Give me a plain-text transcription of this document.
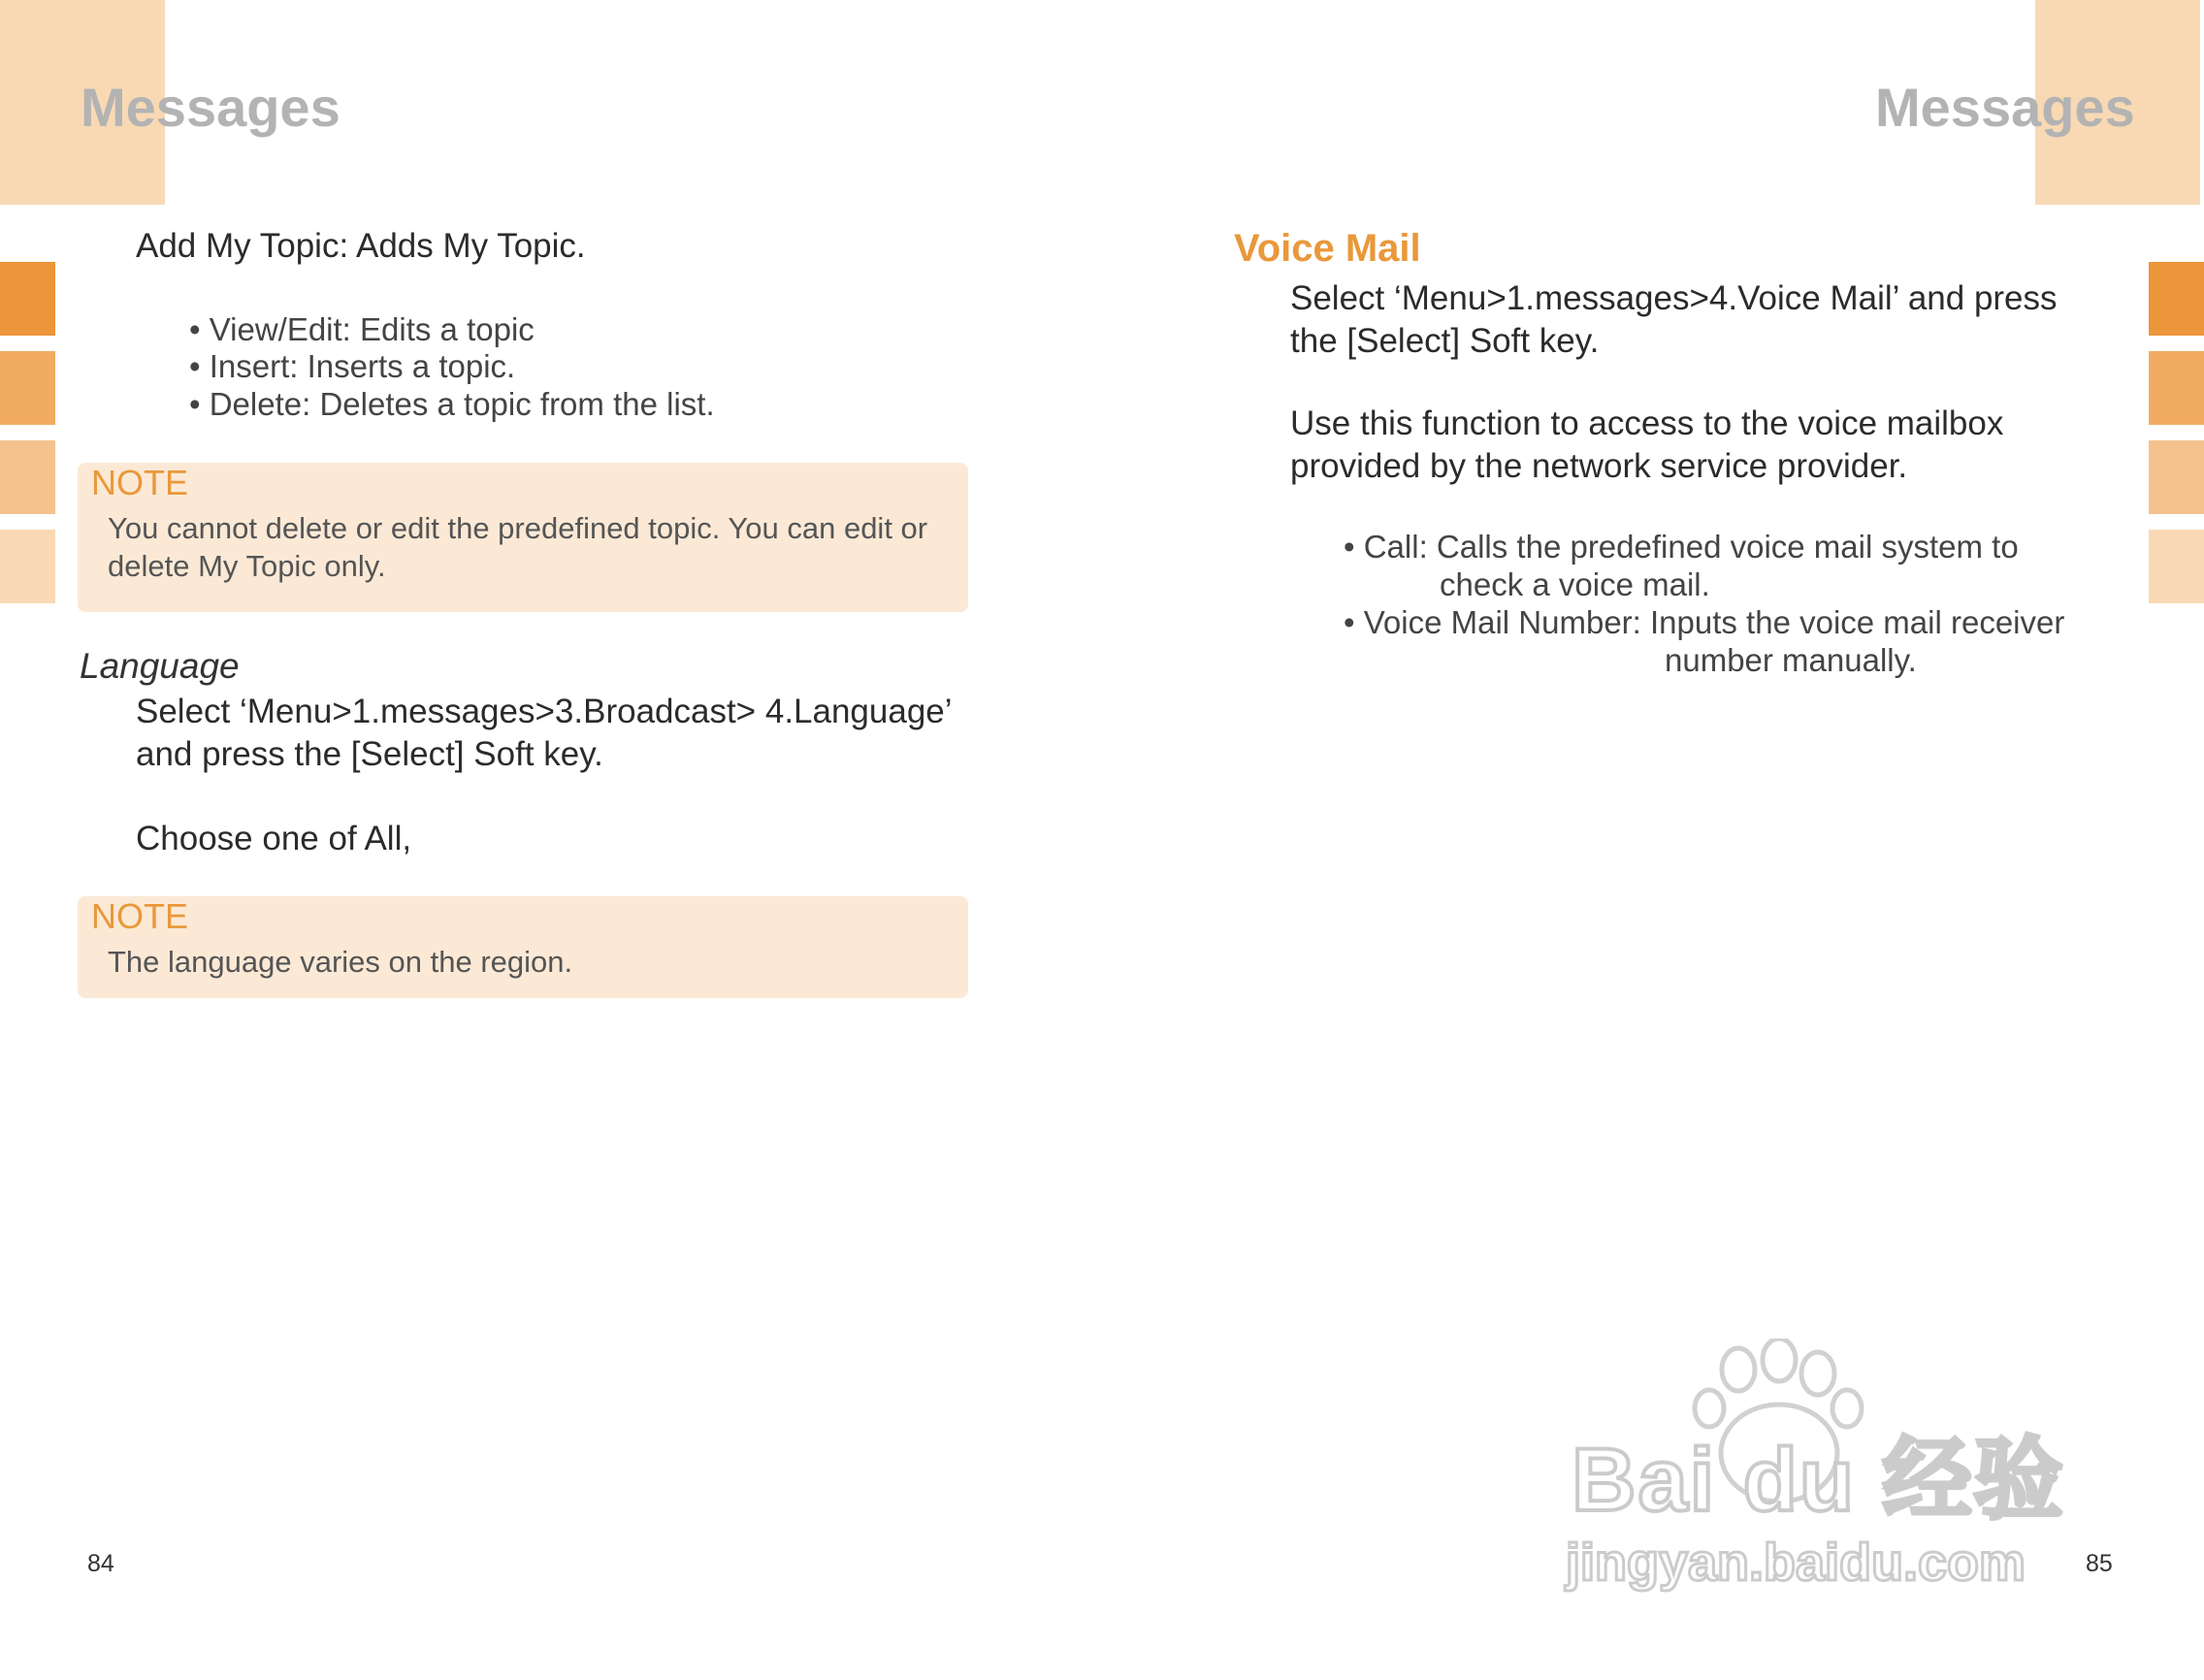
Messages	Messages
Add My Topic: Adds My Topic.
• View/Edit: Edits a topic
• Insert: Inserts a topic.
• Delete: Deletes a topic from the list.
NOTE
You cannot delete or edit the predefined topic. You can edit or
delete My Topic only.
Language
Select ‘Menu>1.messages>3.Broadcast> 4.Language’
and press the [Select] Soft key.
Choose one of All,
NOTE
The language varies on the region.
84
Voice Mail
Select ‘Menu>1.messages>4.Voice Mail’ and press
the [Select] Soft key.
Use this function to access to the voice mailbox
provided by the network service provider.
• Call: Calls the predefined voice mail system to
check a voice mail.
• Voice Mail Number: Inputs the voice mail receiver
number manually.
85
Bai du 经验
jingyan.baidu.com
